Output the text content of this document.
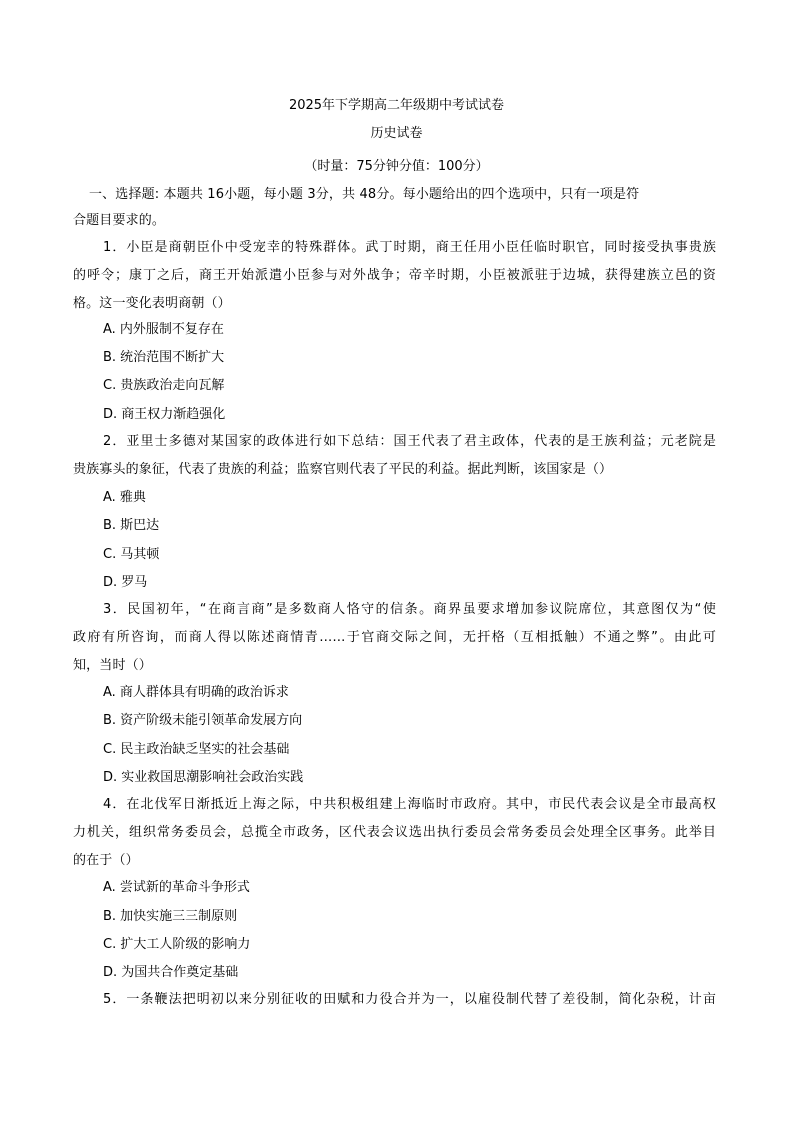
2025年下学期高二年级期中考试试卷
历史试卷
（时量：75分钟分值：100分）
一、选择题: 本题共 16小题，每小题 3分，共 48分。每小题给出的四个选项中，只有一项是符
合题目要求的。
1．小臣是商朝臣仆中受宠幸的特殊群体。武丁时期，商王任用小臣任临时职官，同时接受执事贵族
的呼令；康丁之后，商王开始派遣小臣参与对外战争；帝辛时期，小臣被派驻于边城，获得建族立邑的资
格。这一变化表明商朝（）
A. 内外服制不复存在
B. 统治范围不断扩大
C. 贵族政治走向瓦解
D. 商王权力渐趋强化
2．亚里士多德对某国家的政体进行如下总结：国王代表了君主政体，代表的是王族利益；元老院是
贵族寡头的象征，代表了贵族的利益；监察官则代表了平民的利益。据此判断，该国家是（）
A. 雅典
B. 斯巴达
C. 马其顿
D. 罗马
3．民国初年，“在商言商”是多数商人恪守的信条。商界虽要求增加参议院席位，其意图仅为“使
政府有所咨询，而商人得以陈述商情青……于官商交际之间，无扞格（互相抵触）不通之弊”。由此可
知，当时（）
A. 商人群体具有明确的政治诉求
B. 资产阶级未能引领革命发展方向
C. 民主政治缺乏坚实的社会基础
D. 实业救国思潮影响社会政治实践
4．在北伐军日渐抵近上海之际，中共积极组建上海临时市政府。其中，市民代表会议是全市最高权
力机关，组织常务委员会，总揽全市政务，区代表会议选出执行委员会常务委员会处理全区事务。此举目
的在于（）
A. 尝试新的革命斗争形式
B. 加快实施三三制原则
C. 扩大工人阶级的影响力
D. 为国共合作奠定基础
5．一条鞭法把明初以来分别征收的田赋和力役合并为一，以雇役制代替了差役制，简化杂税，计亩
